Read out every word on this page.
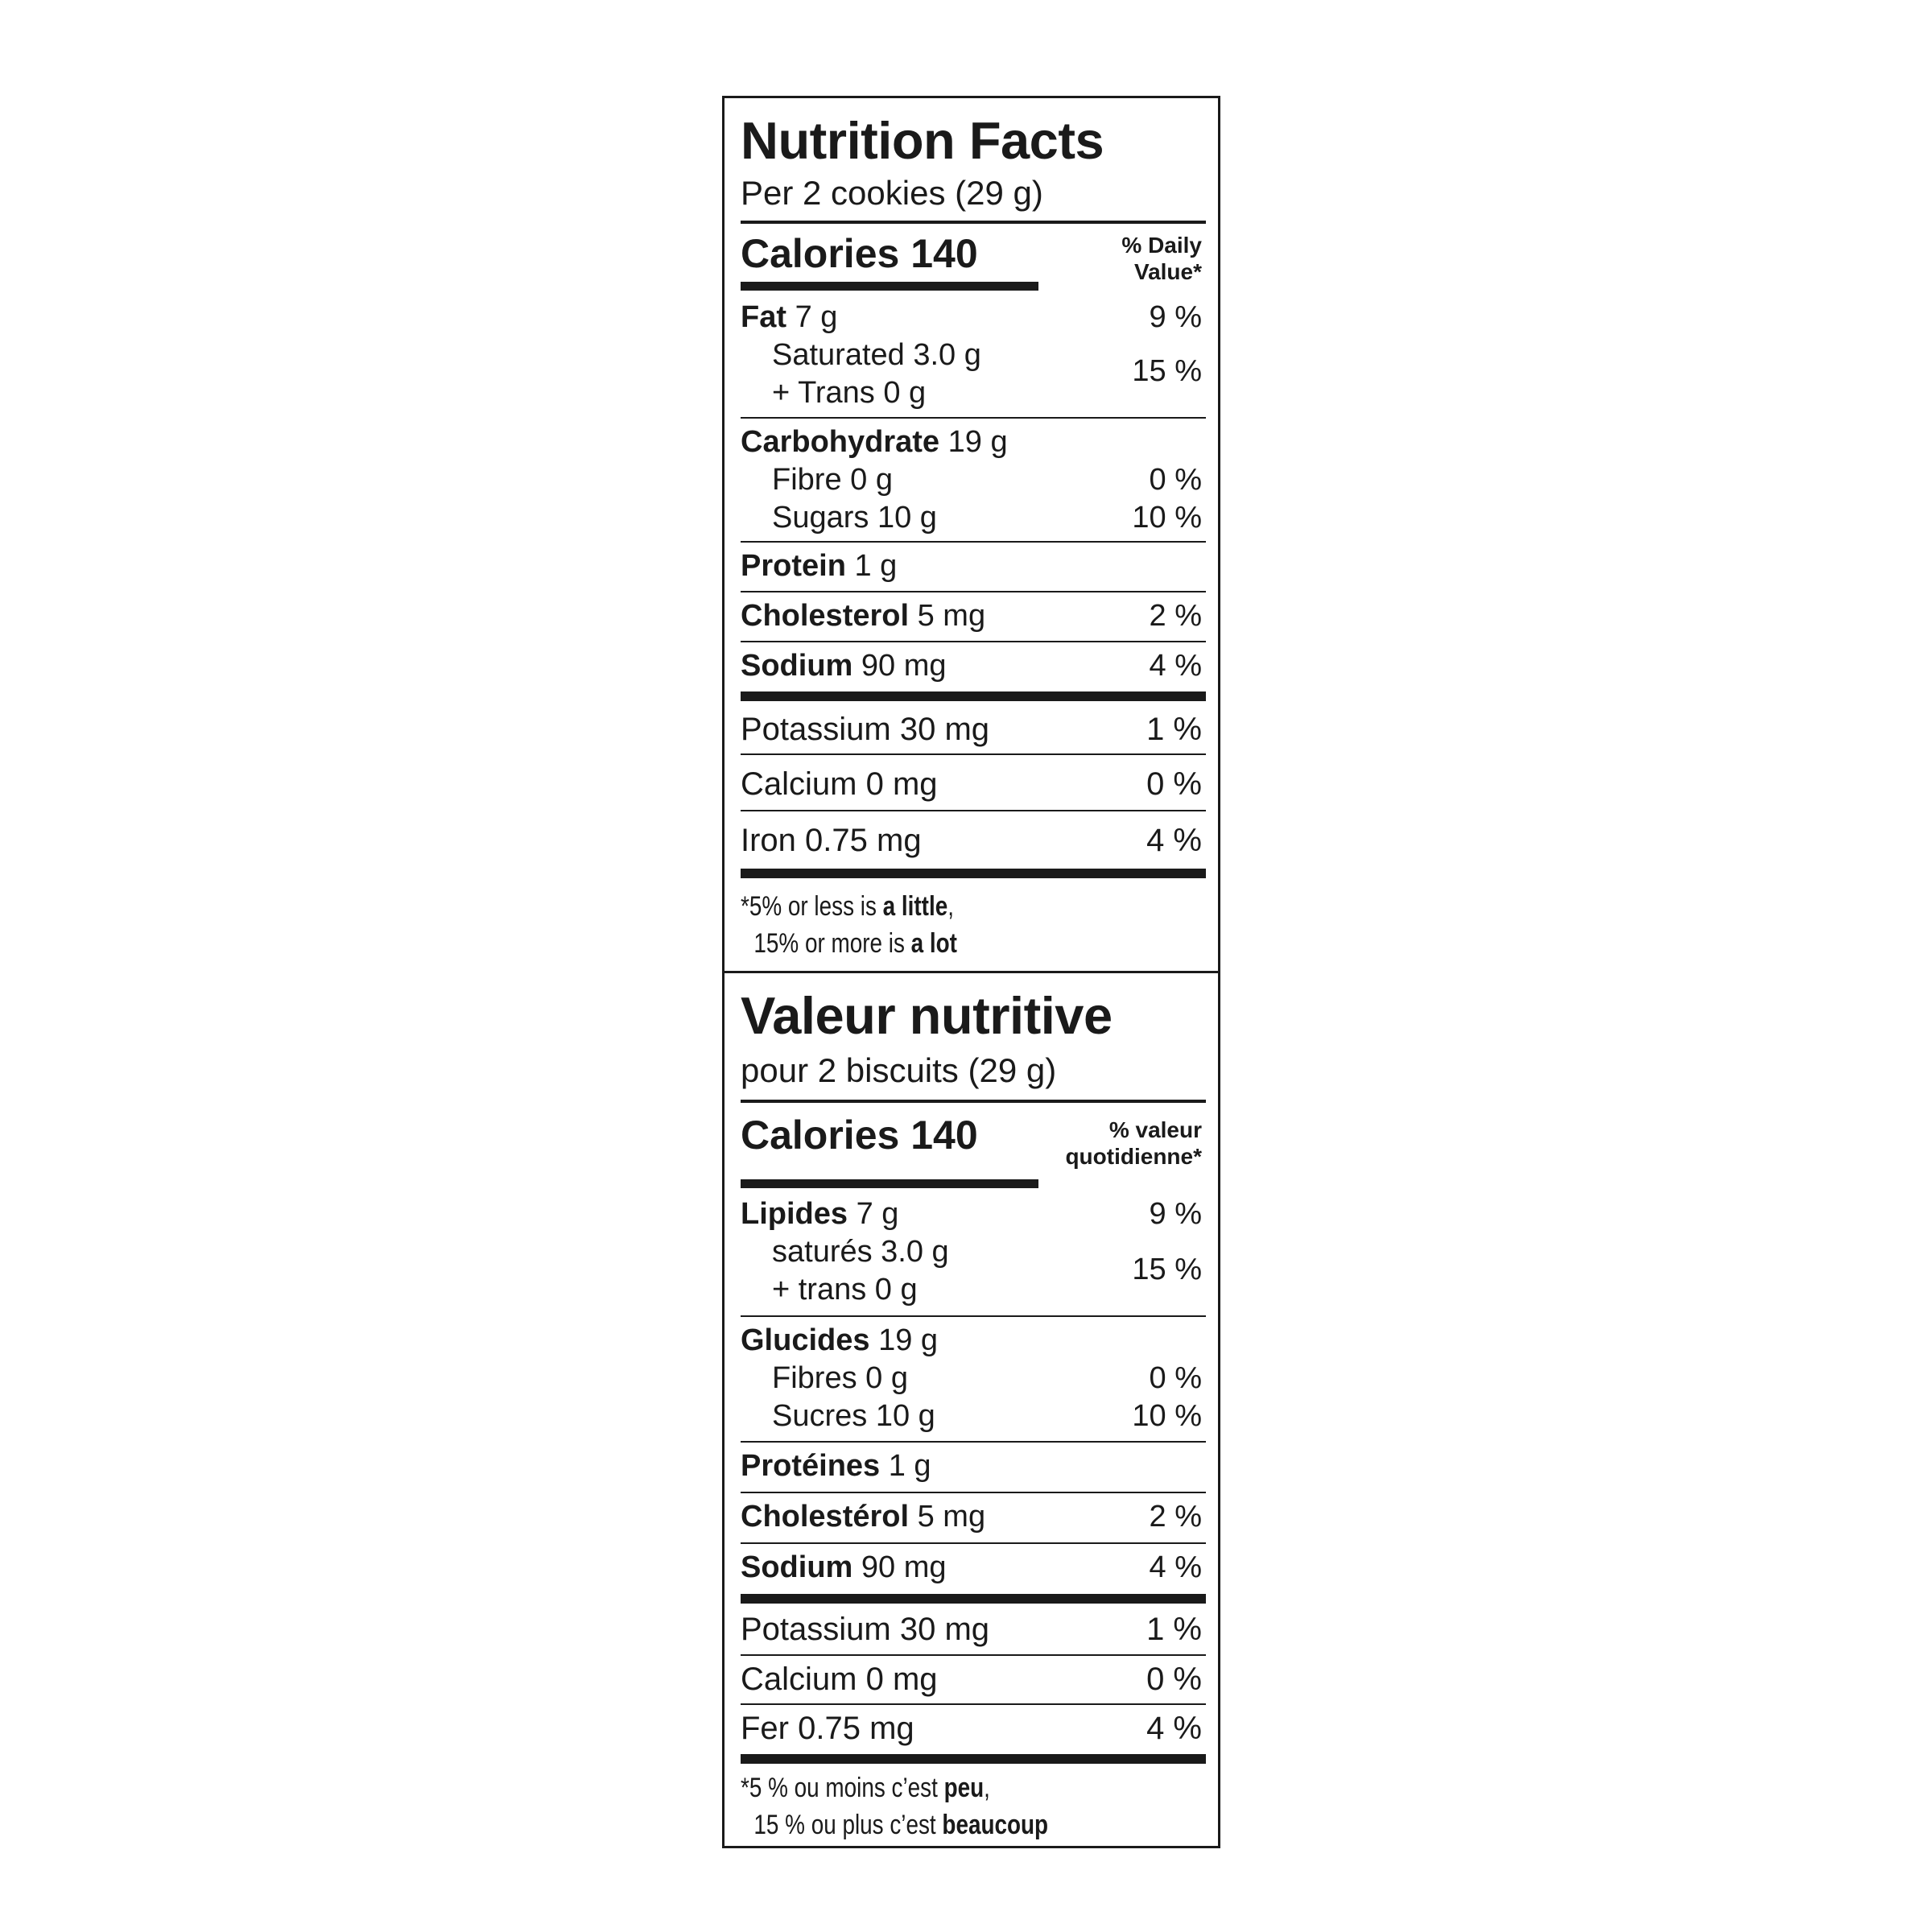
Nutrition Facts
Per 2 cookies (29 g)
Calories 140	% Daily
Value*
Fat 7 g	9 %
Saturated 3.0 g
+ Trans 0 g
15 %
Carbohydrate 19 g
Fibre 0 g	0 %
Sugars 10 g	10 %
Protein 1 g
Cholesterol 5 mg	2 %
Sodium 90 mg	4 %
Potassium 30 mg	1 %
Calcium 0 mg	0 %
Iron 0.75 mg	4 %
*5% or less is a little,
15% or more is a lot
Valeur nutritive
pour 2 biscuits (29 g)
Calories 140	% valeur
quotidienne*
Lipides 7 g	9 %
saturés 3.0 g
+ trans 0 g
15 %
Glucides 19 g
Fibres 0 g	0 %
Sucres 10 g	10 %
Protéines 1 g
Cholestérol 5 mg	2 %
Sodium 90 mg	4 %
Potassium 30 mg	1 %
Calcium 0 mg	0 %
Fer 0.75 mg	4 %
*5 % ou moins c’est peu,
15 % ou plus c’est beaucoup
